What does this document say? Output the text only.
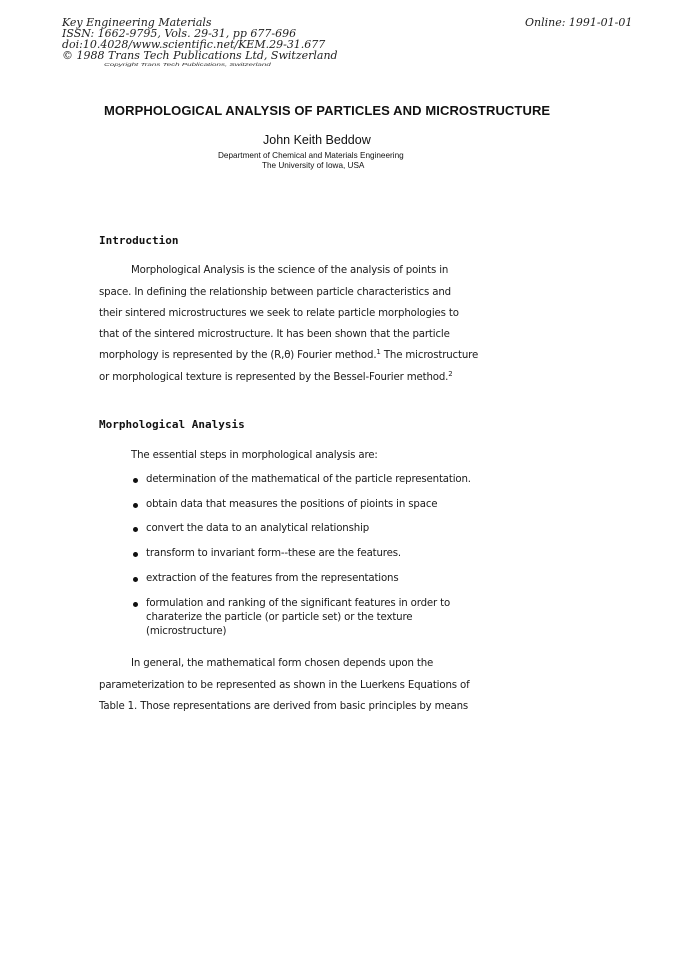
Key Engineering Materials
ISSN: 1662-9795, Vols. 29-31, pp 677-696
doi:10.4028/www.scientific.net/KEM.29-31.677
© 1988 Trans Tech Publications Ltd, Switzerland
Online: 1991-01-01
Copyright Trans Tech Publications, Switzerland
MORPHOLOGICAL ANALYSIS OF PARTICLES AND MICROSTRUCTURE
John Keith Beddow
Department of Chemical and Materials Engineering
The University of Iowa, USA
Introduction
Morphological Analysis is the science of the analysis of points in
space. In defining the relationship between particle characteristics and
their sintered microstructures we seek to relate particle morphologies to
that of the sintered microstructure. It has been shown that the particle
morphology is represented by the (R,θ) Fourier method.$^1$ The microstructure
or morphological texture is represented by the Bessel-Fourier method.$^2$
Morphological Analysis
The essential steps in morphological analysis are:
determination of the mathematical of the particle representation.
obtain data that measures the positions of pioints in space
convert the data to an analytical relationship
transform to invariant form--these are the features.
extraction of the features from the representations
formulation and ranking of the significant features in order to
charaterize the particle (or particle set) or the texture
(microstructure)
In general, the mathematical form chosen depends upon the
parameterization to be represented as shown in the Luerkens Equations of
Table 1. Those representations are derived from basic principles by means
